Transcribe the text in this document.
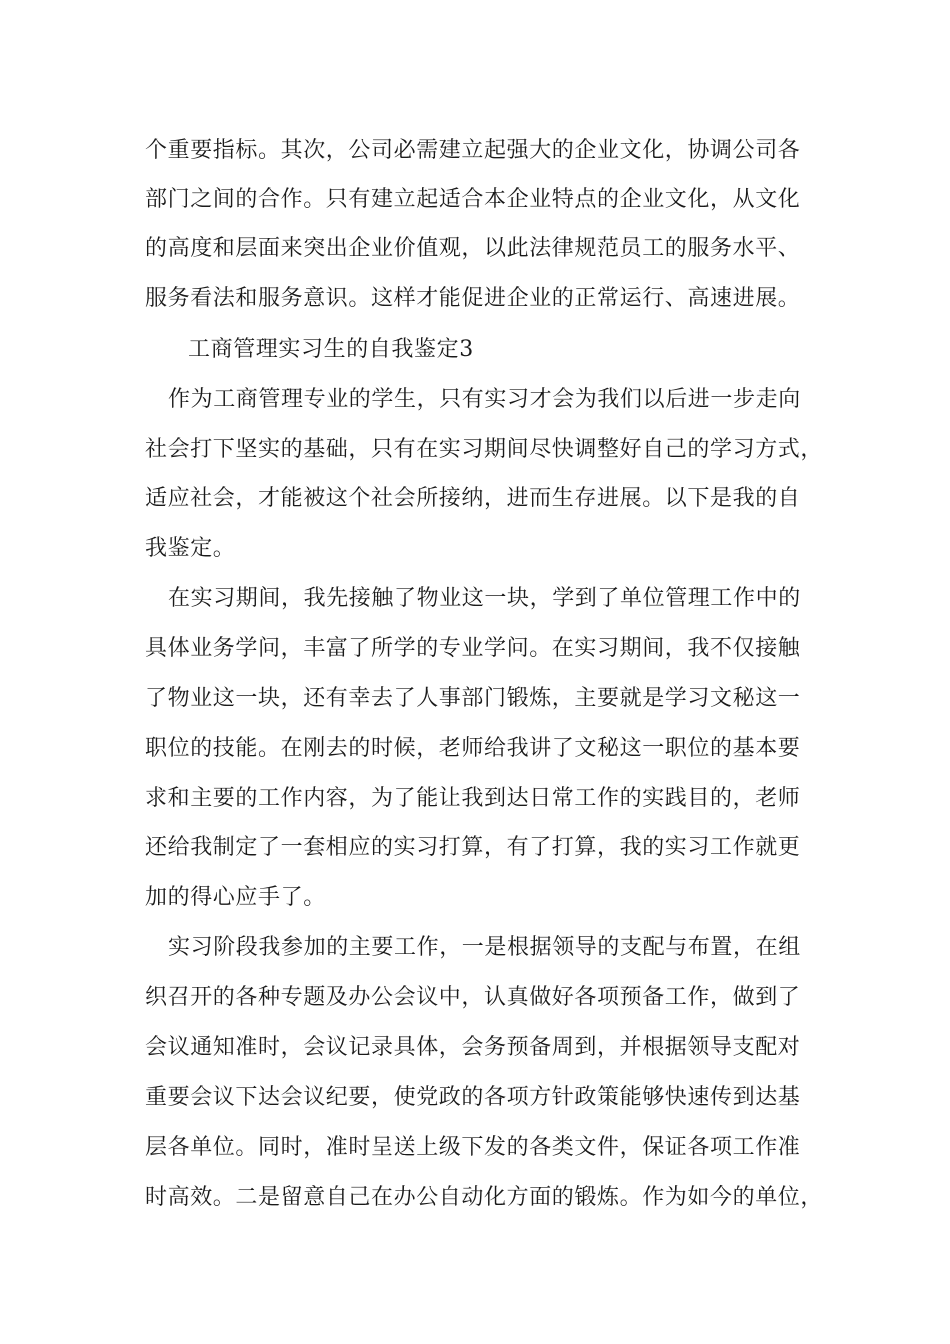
个重要指标。其次，公司必需建立起强大的企业文化，协调公司各
部门之间的合作。只有建立起适合本企业特点的企业文化，从文化
的高度和层面来突出企业价值观，以此法律规范员工的服务水平、
服务看法和服务意识。这样才能促进企业的正常运行、高速进展。
工商管理实习生的自我鉴定3
作为工商管理专业的学生，只有实习才会为我们以后进一步走向
社会打下坚实的基础，只有在实习期间尽快调整好自己的学习方式，
适应社会，才能被这个社会所接纳，进而生存进展。以下是我的自
我鉴定。
在实习期间，我先接触了物业这一块，学到了单位管理工作中的
具体业务学问，丰富了所学的专业学问。在实习期间，我不仅接触
了物业这一块，还有幸去了人事部门锻炼，主要就是学习文秘这一
职位的技能。在刚去的时候，老师给我讲了文秘这一职位的基本要
求和主要的工作内容，为了能让我到达日常工作的实践目的，老师
还给我制定了一套相应的实习打算，有了打算，我的实习工作就更
加的得心应手了。
实习阶段我参加的主要工作，一是根据领导的支配与布置，在组
织召开的各种专题及办公会议中，认真做好各项预备工作，做到了
会议通知准时，会议记录具体，会务预备周到，并根据领导支配对
重要会议下达会议纪要，使党政的各项方针政策能够快速传到达基
层各单位。同时，准时呈送上级下发的各类文件，保证各项工作准
时高效。二是留意自己在办公自动化方面的锻炼。作为如今的单位，
